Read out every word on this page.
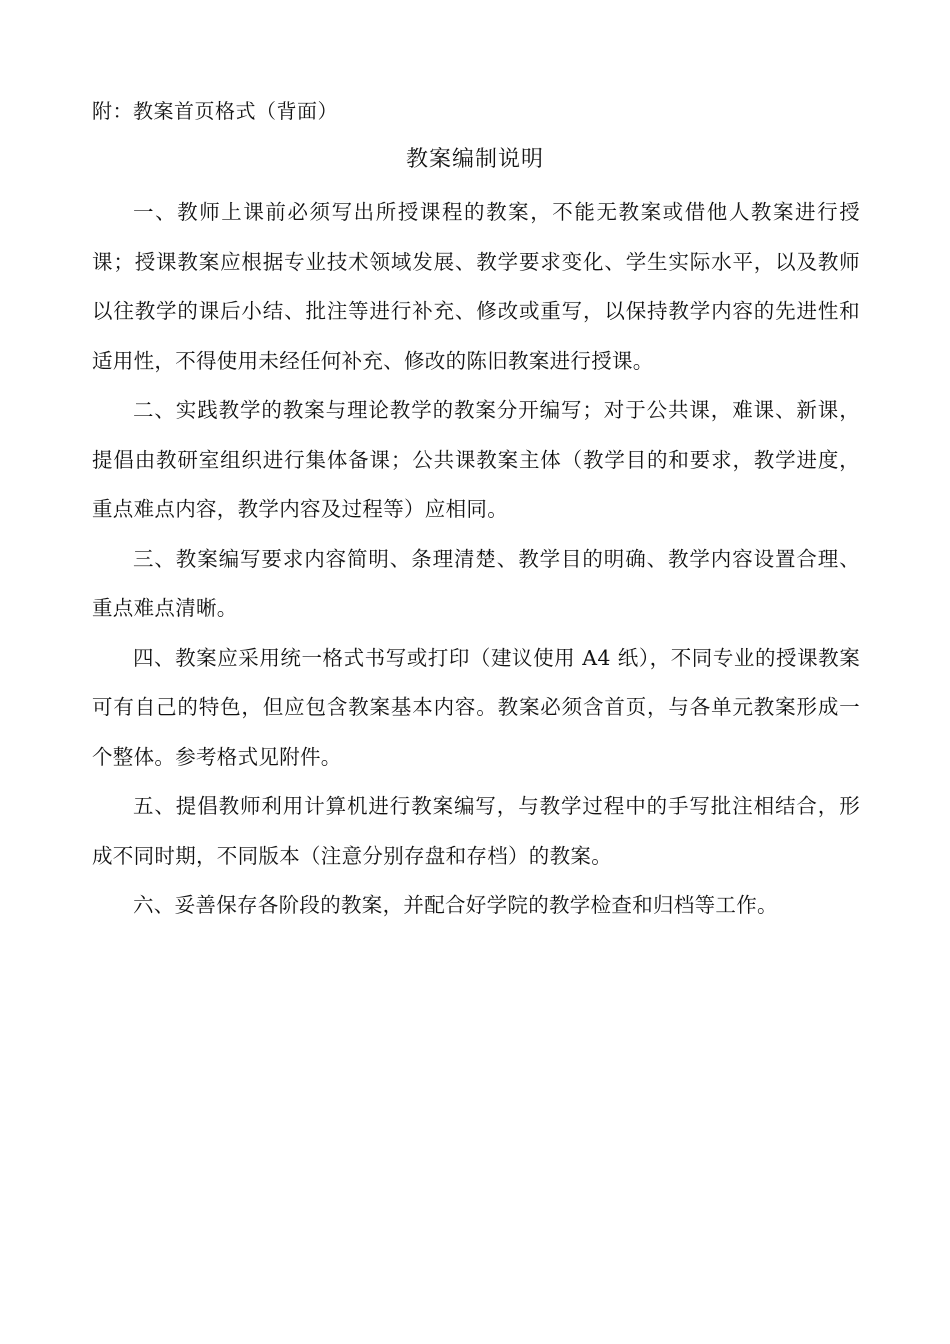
附：教案首页格式（背面）
教案编制说明

一、教师上课前必须写出所授课程的教案，不能无教案或借他人教案进行授课；授课教案应根据专业技术领域发展、教学要求变化、学生实际水平，以及教师以往教学的课后小结、批注等进行补充、修改或重写，以保持教学内容的先进性和适用性，不得使用未经任何补充、修改的陈旧教案进行授课。

二、实践教学的教案与理论教学的教案分开编写；对于公共课，难课、新课，提倡由教研室组织进行集体备课；公共课教案主体（教学目的和要求，教学进度，重点难点内容，教学内容及过程等）应相同。

三、教案编写要求内容简明、条理清楚、教学目的明确、教学内容设置合理、重点难点清晰。

四、教案应采用统一格式书写或打印（建议使用 A4 纸），不同专业的授课教案可有自己的特色，但应包含教案基本内容。教案必须含首页，与各单元教案形成一个整体。参考格式见附件。

五、提倡教师利用计算机进行教案编写，与教学过程中的手写批注相结合，形成不同时期，不同版本（注意分别存盘和存档）的教案。

六、妥善保存各阶段的教案，并配合好学院的教学检查和归档等工作。
